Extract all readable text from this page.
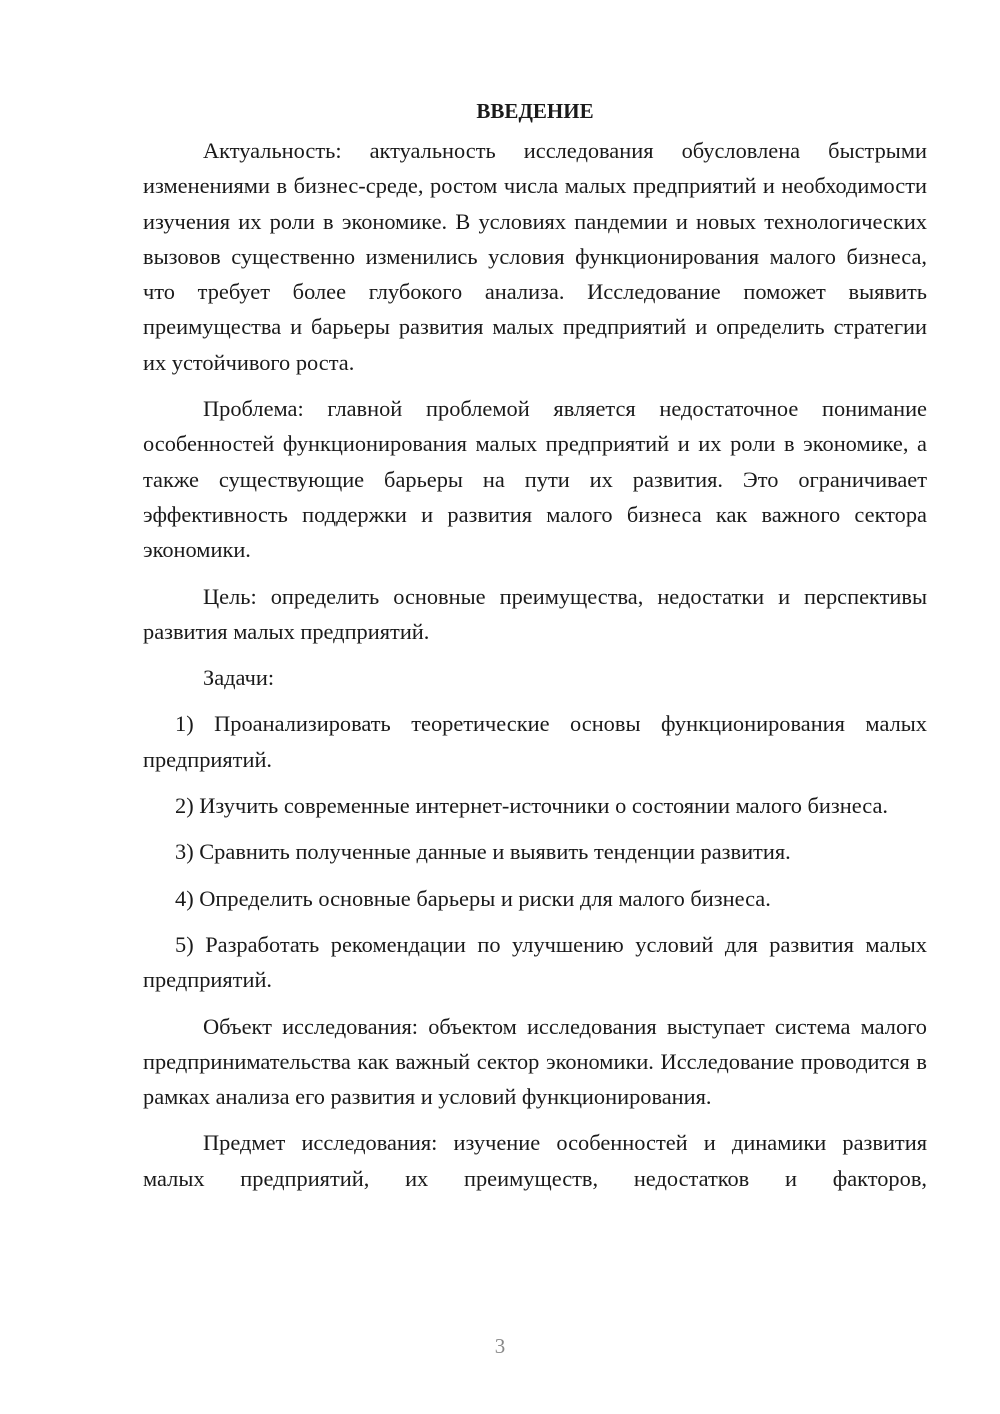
ВВЕДЕНИЕ

Актуальность: актуальность исследования обусловлена быстрыми изменениями в бизнес-среде, ростом числа малых предприятий и необходимости изучения их роли в экономике. В условиях пандемии и новых технологических вызовов существенно изменились условия функционирования малого бизнеса, что требует более глубокого анализа. Исследование поможет выявить преимущества и барьеры развития малых предприятий и определить стратегии их устойчивого роста.

Проблема: главной проблемой является недостаточное понимание особенностей функционирования малых предприятий и их роли в экономике, а также существующие барьеры на пути их развития. Это ограничивает эффективность поддержки и развития малого бизнеса как важного сектора экономики.

Цель: определить основные преимущества, недостатки и перспективы развития малых предприятий.

Задачи:

1) Проанализировать теоретические основы функционирования малых предприятий.

2) Изучить современные интернет-источники о состоянии малого бизнеса.

3) Сравнить полученные данные и выявить тенденции развития.

4) Определить основные барьеры и риски для малого бизнеса.

5) Разработать рекомендации по улучшению условий для развития малых предприятий.

Объект исследования: объектом исследования выступает система малого предпринимательства как важный сектор экономики. Исследование проводится в рамках анализа его развития и условий функционирования.

Предмет исследования: изучение особенностей и динамики развития малых предприятий, их преимуществ, недостатков и факторов,

3
